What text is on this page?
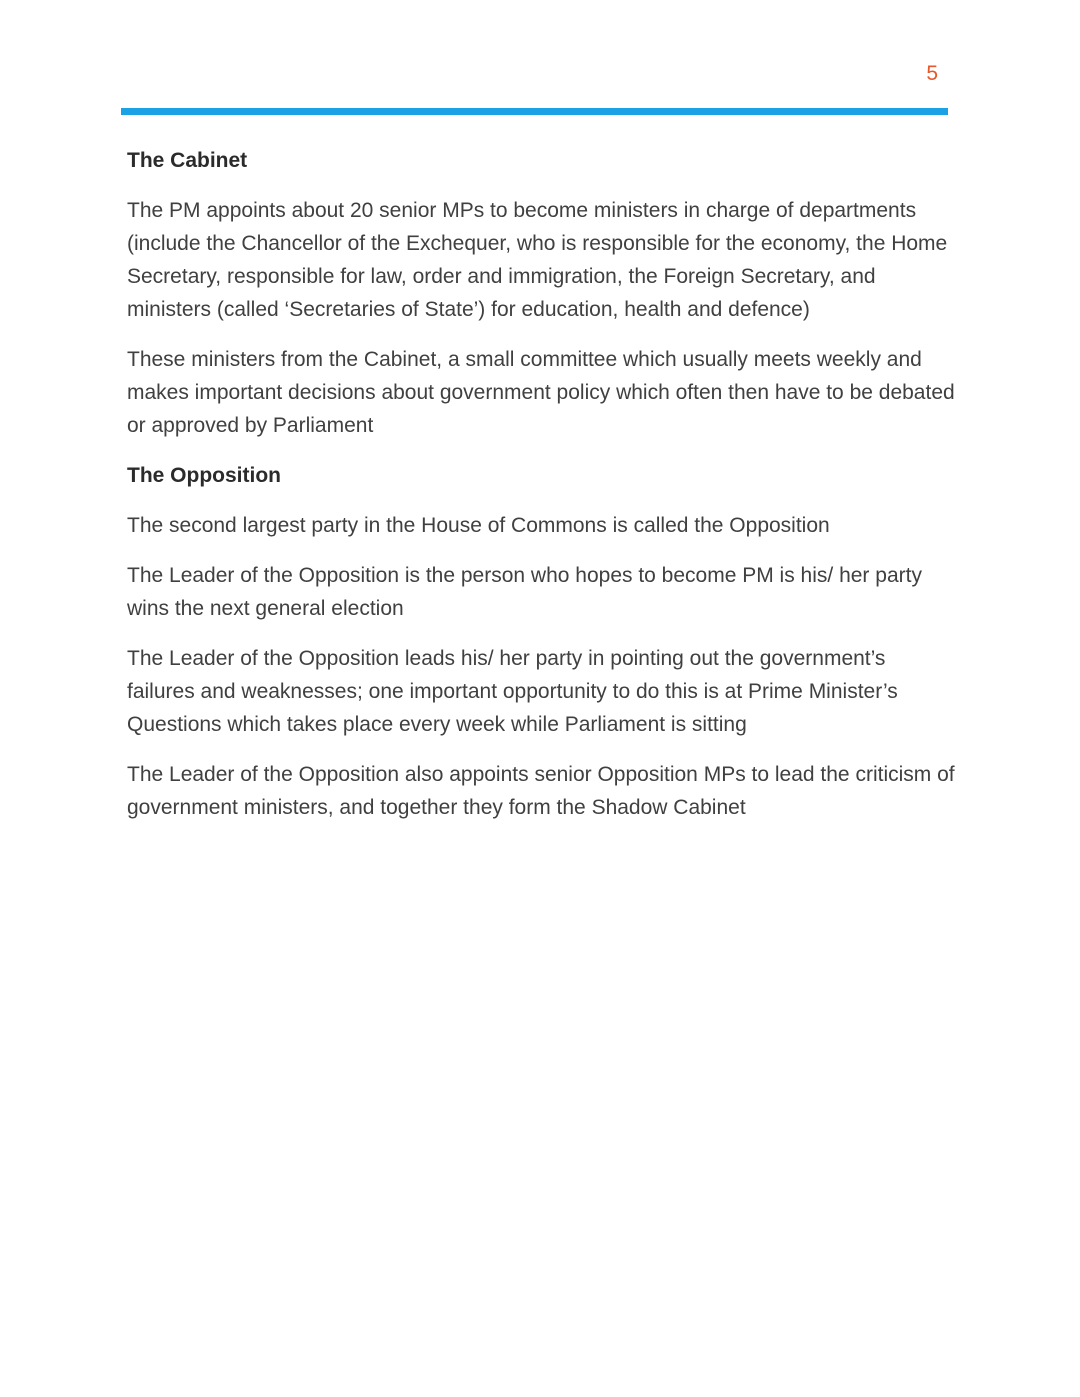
5
The Cabinet
The PM appoints about 20 senior MPs to become ministers in charge of departments (include the Chancellor of the Exchequer, who is responsible for the economy, the Home Secretary, responsible for law, order and immigration, the Foreign Secretary, and ministers (called ‘Secretaries of State’) for education, health and defence)
These ministers from the Cabinet, a small committee which usually meets weekly and makes important decisions about government policy which often then have to be debated or approved by Parliament
The Opposition
The second largest party in the House of Commons is called the Opposition
The Leader of the Opposition is the person who hopes to become PM is his/ her party wins the next general election
The Leader of the Opposition leads his/ her party in pointing out the government’s failures and weaknesses; one important opportunity to do this is at Prime Minister’s Questions which takes place every week while Parliament is sitting
The Leader of the Opposition also appoints senior Opposition MPs to lead the criticism of government ministers, and together they form the Shadow Cabinet
